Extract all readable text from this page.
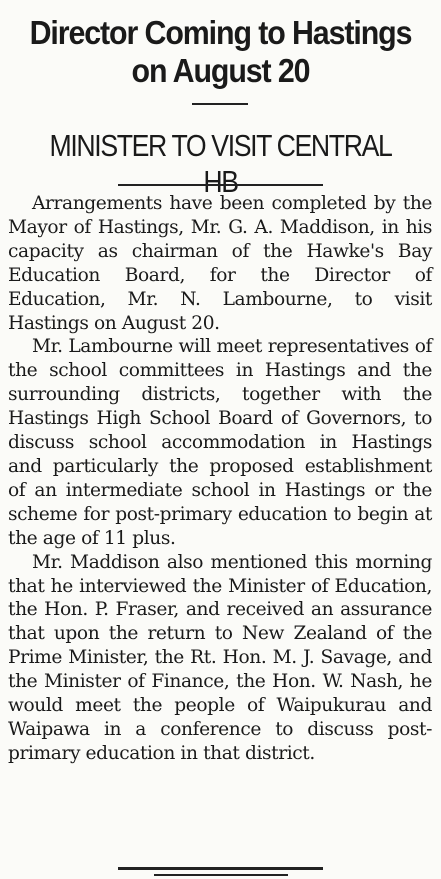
Director Coming to Hastings
on August 20
MINISTER TO VISIT CENTRAL HB

Arrangements have been completed by the Mayor of Hastings, Mr. G. A. Maddison, in his capacity as chairman of the Hawke's Bay Education Board, for the Director of Education, Mr. N. Lambourne, to visit Hastings on August 20.

Mr. Lambourne will meet representatives of the school committees in Hastings and the surrounding districts, together with the Hastings High School Board of Governors, to discuss school accommodation in Hastings and particularly the proposed establishment of an intermediate school in Hastings or the scheme for post-primary education to begin at the age of 11 plus.

Mr. Maddison also mentioned this morning that he interviewed the Minister of Education, the Hon. P. Fraser, and received an assurance that upon the return to New Zealand of the Prime Minister, the Rt. Hon. M. J. Savage, and the Minister of Finance, the Hon. W. Nash, he would meet the people of Waipukurau and Waipawa in a conference to discuss post-primary education in that district.
